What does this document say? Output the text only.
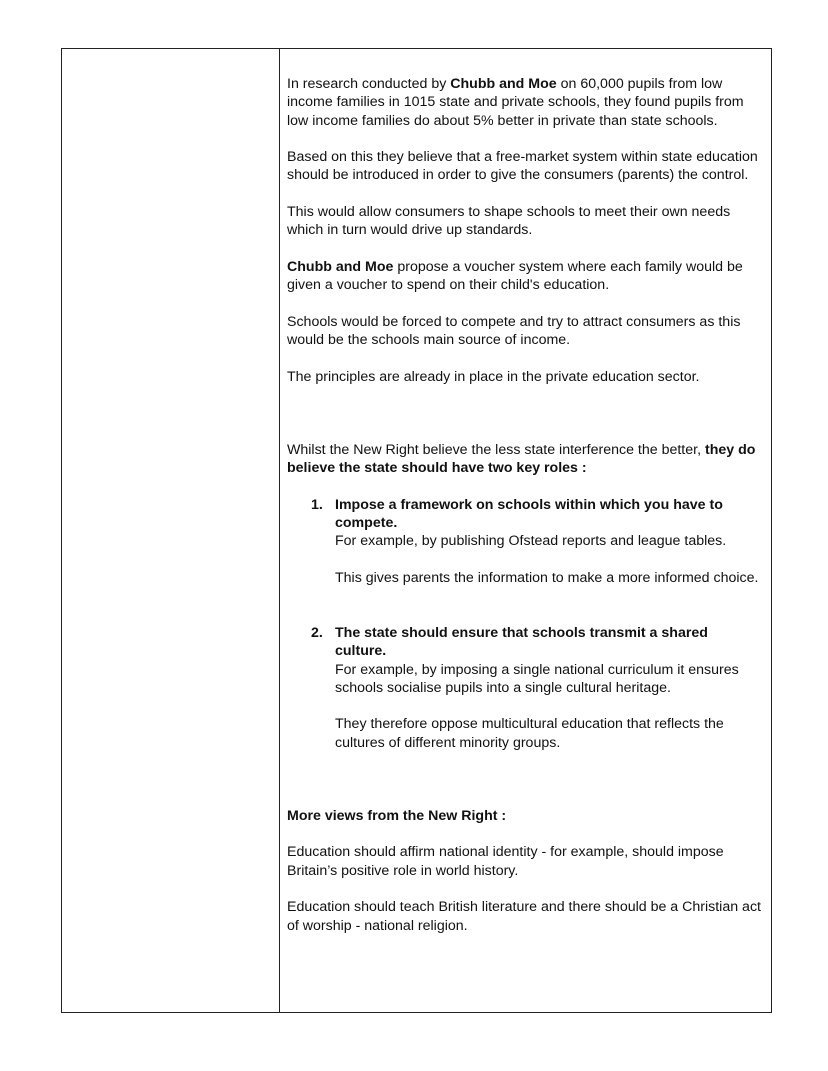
In research conducted by Chubb and Moe on 60,000 pupils from low income families in 1015 state and private schools, they found pupils from low income families do about 5% better in private than state schools.

Based on this they believe that a free-market system within state education should be introduced in order to give the consumers (parents) the control.

This would allow consumers to shape schools to meet their own needs which in turn would drive up standards.

Chubb and Moe propose a voucher system where each family would be given a voucher to spend on their child's education.

Schools would be forced to compete and try to attract consumers as this would be the schools main source of income.

The principles are already in place in the private education sector.

Whilst the New Right believe the less state interference the better, they do believe the state should have two key roles :

1. Impose a framework on schools within which you have to compete.

For example, by publishing Ofstead reports and league tables.

This gives parents the information to make a more informed choice.

2. The state should ensure that schools transmit a shared culture.

For example, by imposing a single national curriculum it ensures schools socialise pupils into a single cultural heritage.

They therefore oppose multicultural education that reflects the cultures of different minority groups.

More views from the New Right :

Education should affirm national identity - for example, should impose Britain’s positive role in world history.

Education should teach British literature and there should be a Christian act of worship - national religion.
